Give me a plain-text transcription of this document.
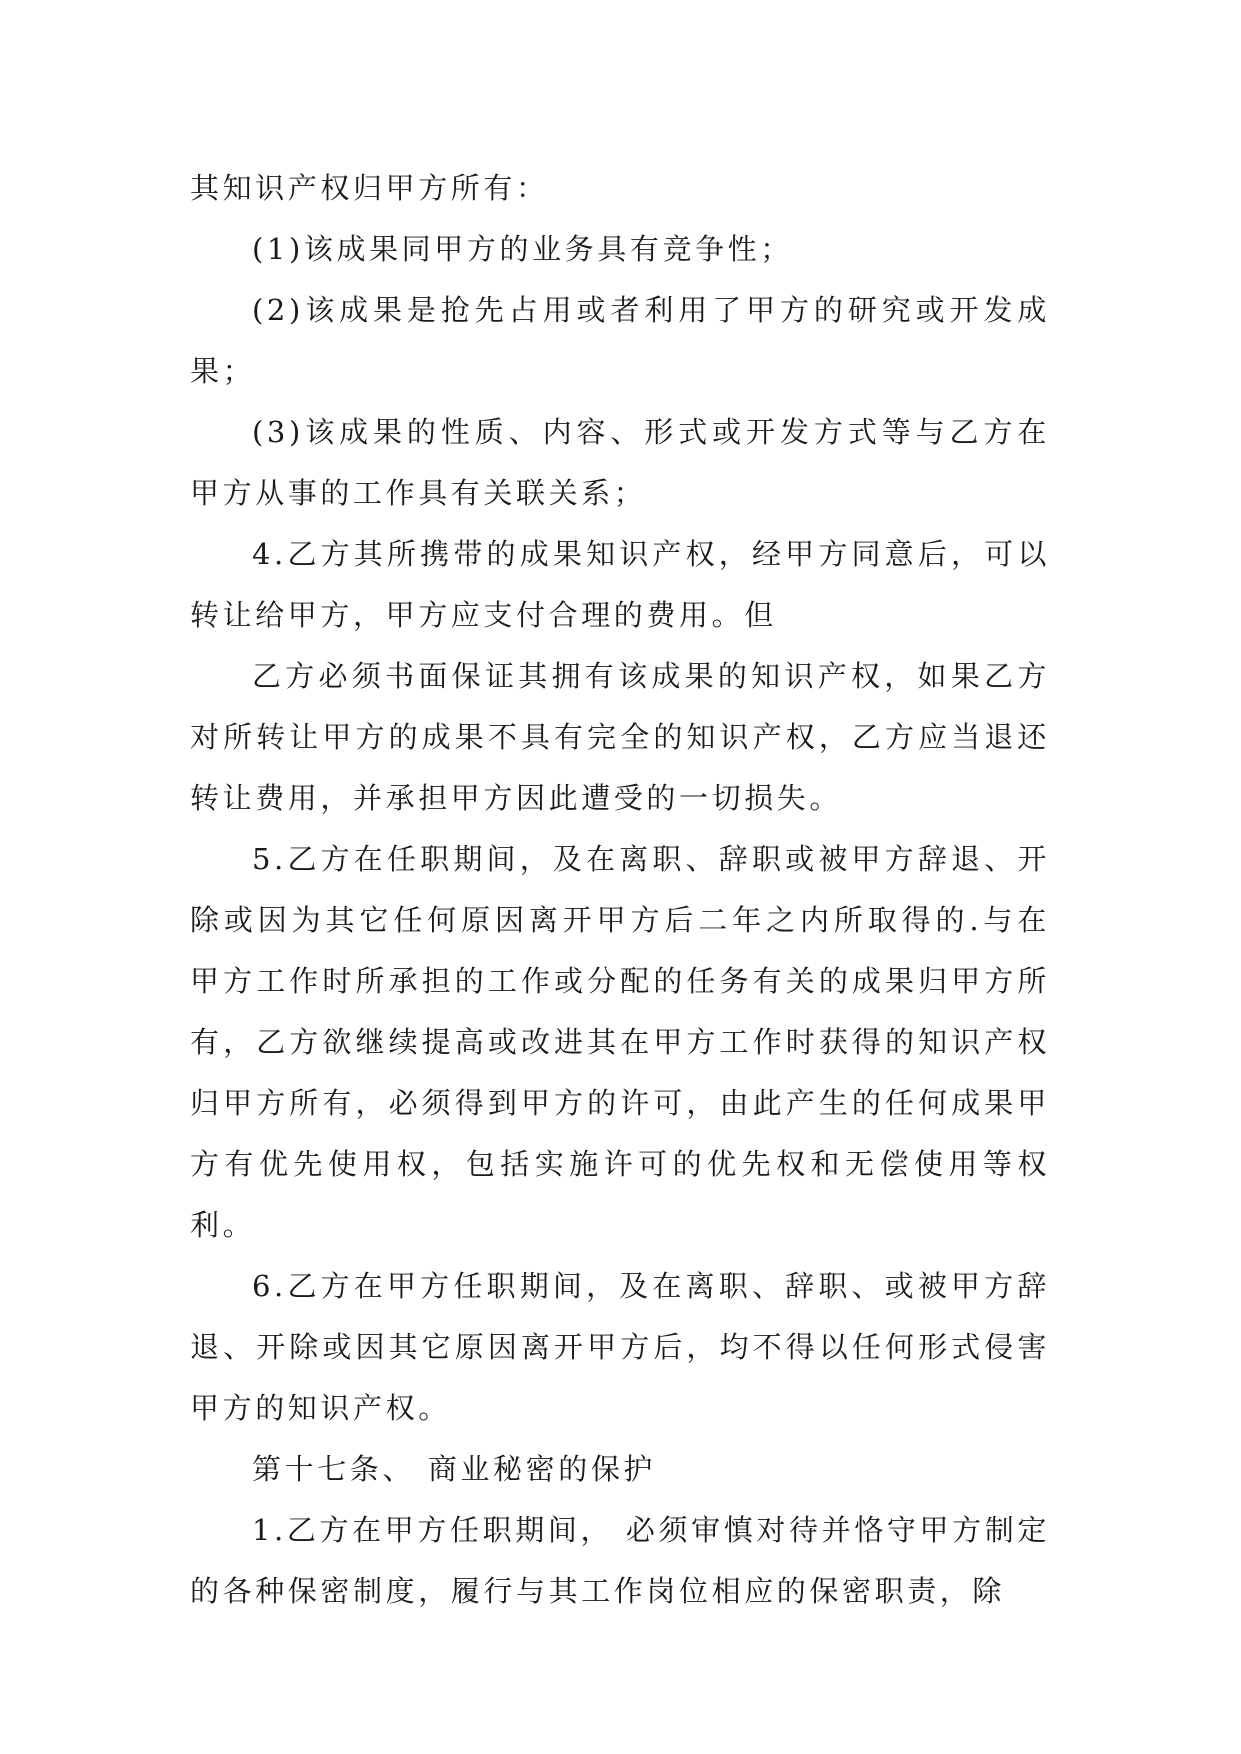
其知识产权归甲方所有：

(1)该成果同甲方的业务具有竞争性；

(2)该成果是抢先占用或者利用了甲方的研究或开发成果；

(3)该成果的性质、内容、形式或开发方式等与乙方在甲方从事的工作具有关联关系；

4.乙方其所携带的成果知识产权，经甲方同意后，可以转让给甲方，甲方应支付合理的费用。但

乙方必须书面保证其拥有该成果的知识产权，如果乙方对所转让甲方的成果不具有完全的知识产权，乙方应当退还转让费用，并承担甲方因此遭受的一切损失。

5.乙方在任职期间，及在离职、辞职或被甲方辞退、开除或因为其它任何原因离开甲方后二年之内所取得的.与在甲方工作时所承担的工作或分配的任务有关的成果归甲方所有，乙方欲继续提高或改进其在甲方工作时获得的知识产权归甲方所有，必须得到甲方的许可，由此产生的任何成果甲方有优先使用权，包括实施许可的优先权和无偿使用等权利。

6.乙方在甲方任职期间，及在离职、辞职、或被甲方辞退、开除或因其它原因离开甲方后，均不得以任何形式侵害甲方的知识产权。

第十七条、 商业秘密的保护

1.乙方在甲方任职期间， 必须审慎对待并恪守甲方制定的各种保密制度，履行与其工作岗位相应的保密职责，除
